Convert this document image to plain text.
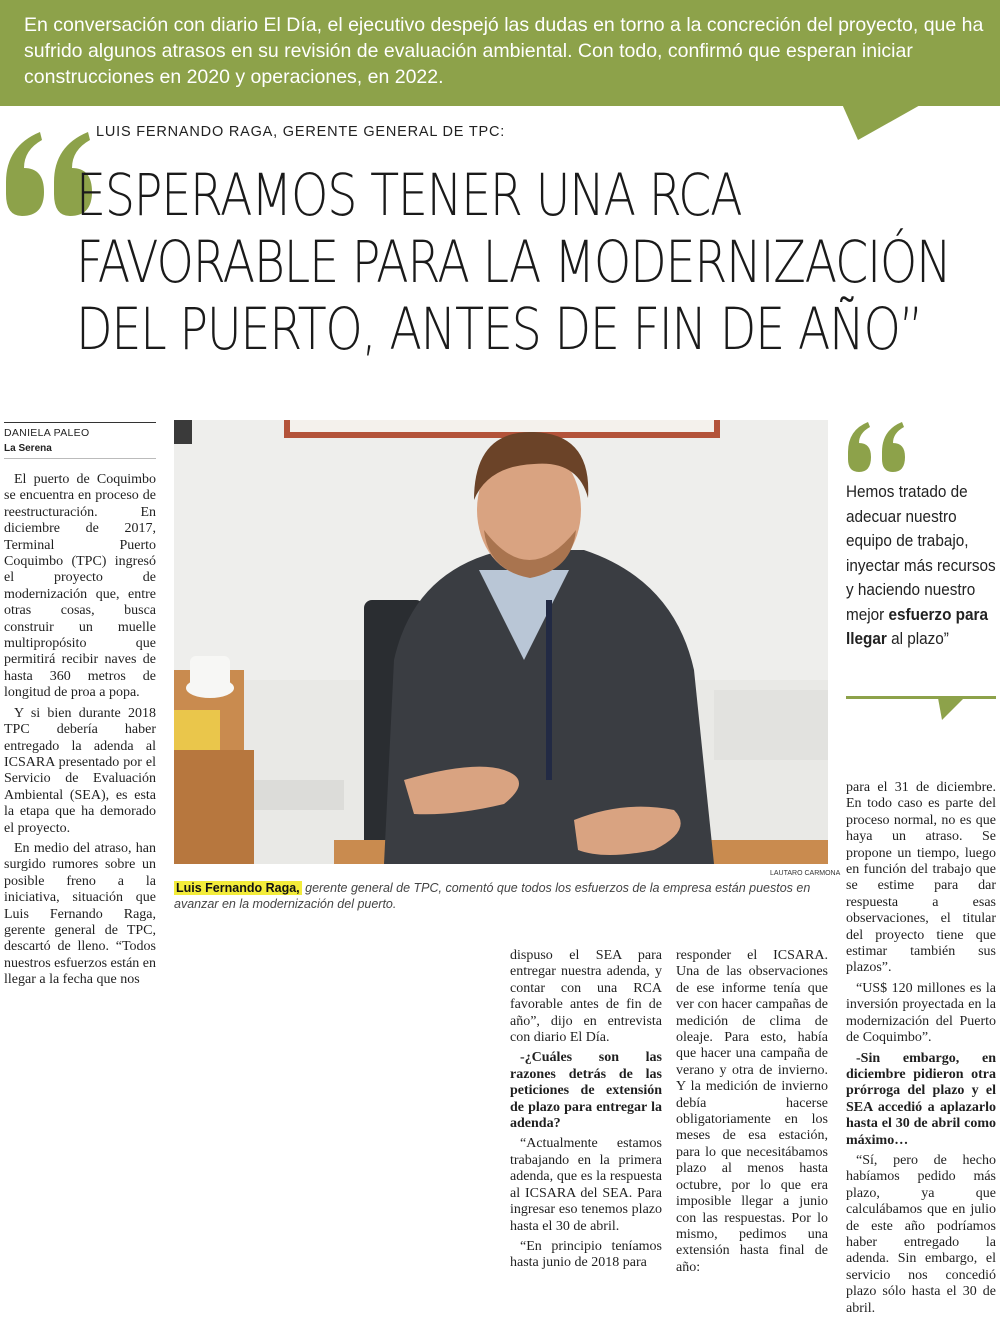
En conversación con diario El Día, el ejecutivo despejó las dudas en torno a la concreción del proyecto, que ha sufrido algunos atrasos en su revisión de evaluación ambiental. Con todo, confirmó que esperan iniciar construcciones en 2020 y operaciones, en 2022.

LUIS FERNANDO RAGA, GERENTE GENERAL DE TPC:
ESPERAMOS TENER UNA RCA
FAVORABLE PARA LA MODERNIZACIÓN
DEL PUERTO, ANTES DE FIN DE AÑO”
DANIELA PALEO
La Serena

El puerto de Coquimbo se encuentra en proceso de reestructuración. En diciembre de 2017, Terminal Puerto Coquimbo (TPC) ingresó el proyecto de modernización que, entre otras cosas, busca construir un muelle multipropósito que permitirá recibir naves de hasta 360 metros de longitud de proa a popa.

Y si bien durante 2018 TPC debería haber entregado la adenda al ICSARA presentado por el Servicio de Evaluación Ambiental (SEA), es esta la etapa que ha demorado el proyecto.

En medio del atraso, han surgido rumores sobre un posible freno a la iniciativa, situación que Luis Fernando Raga, gerente general de TPC, descartó de lleno. “Todos nuestros esfuerzos están en llegar a la fecha que nos

LAUTARO CARMONA

Luis Fernando Raga, gerente general de TPC, comentó que todos los esfuerzos de la empresa están puestos en avanzar en la modernización del puerto.

Hemos tratado de adecuar nuestro equipo de trabajo, inyectar más recursos y haciendo nuestro mejor esfuerzo para llegar al plazo”

dispuso el SEA para entregar nuestra adenda, y contar con una RCA favorable antes de fin de año”, dijo en entrevista con diario El Día.

-¿Cuáles son las razones detrás de las peticiones de extensión de plazo para entregar la adenda?

“Actualmente estamos trabajando en la primera adenda, que es la respuesta al ICSARA del SEA. Para ingresar eso tenemos plazo hasta el 30 de abril.

“En principio teníamos hasta junio de 2018 para

responder el ICSARA. Una de las observaciones de ese informe tenía que ver con hacer campañas de medición de clima de oleaje. Para esto, había que hacer una campaña de verano y otra de invierno. Y la medición de invierno debía hacerse obligatoriamente en los meses de esa estación, para lo que necesitábamos plazo al menos hasta octubre, por lo que era imposible llegar a junio con las respuestas. Por lo mismo, pedimos una extensión hasta final de año:

para el 31 de diciembre. En todo caso es parte del proceso normal, no es que haya un atraso. Se propone un tiempo, luego en función del trabajo que se estime para dar respuesta a esas observaciones, el titular del proyecto tiene que estimar también sus plazos”.

“US$ 120 millones es la inversión proyectada en la modernización del Puerto de Coquimbo”.

-Sin embargo, en diciembre pidieron otra prórroga del plazo y el SEA accedió a aplazarlo hasta el 30 de abril como máximo…

“Sí, pero de hecho habíamos pedido más plazo, ya que calculábamos que en julio de este año podríamos haber entregado la adenda. Sin embargo, el servicio nos concedió plazo sólo hasta el 30 de abril.
